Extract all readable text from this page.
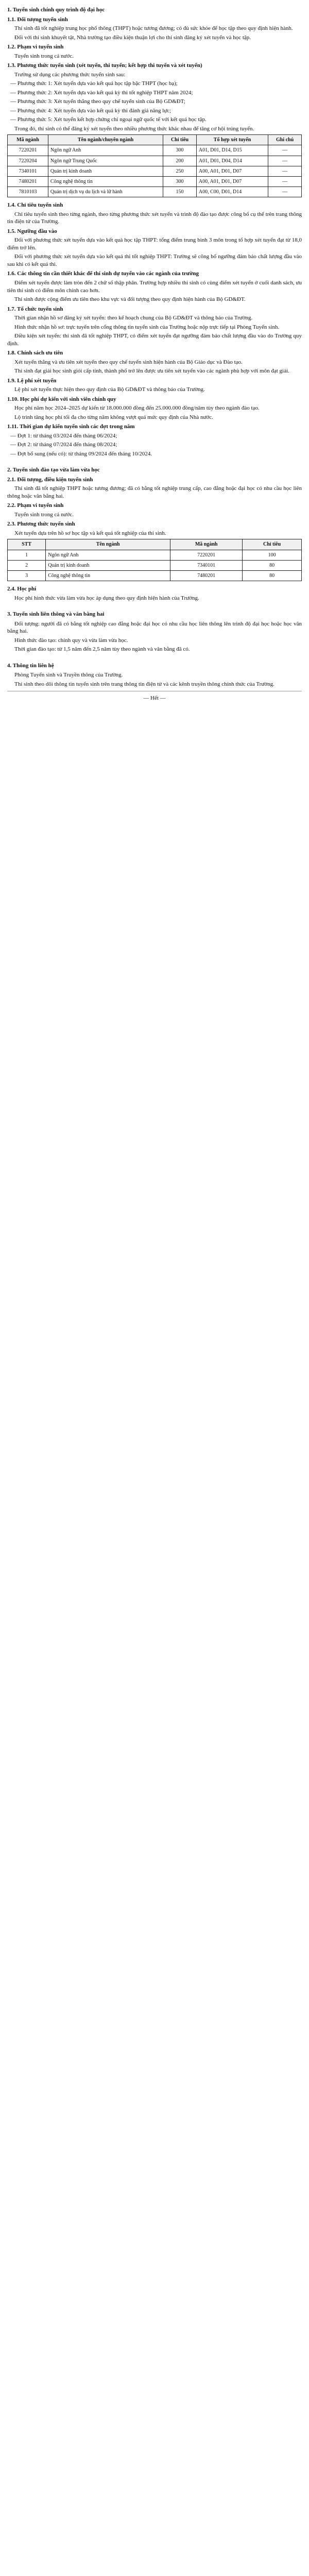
1. Tuyển sinh chính quy trình độ đại học
1.1. Đối tượng tuyển sinh

Thí sinh đã tốt nghiệp trung học phổ thông (THPT) hoặc tương đương; có đủ sức khỏe để học tập theo quy định hiện hành.

Đối với thí sinh khuyết tật, Nhà trường tạo điều kiện thuận lợi cho thí sinh đăng ký xét tuyển và học tập.

1.2. Phạm vi tuyển sinh

Tuyển sinh trong cả nước.

1.3. Phương thức tuyển sinh (xét tuyển, thi tuyển; kết hợp thi tuyển và xét tuyển)

Trường sử dụng các phương thức tuyển sinh sau:

— Phương thức 1: Xét tuyển dựa vào kết quả học tập bậc THPT (học bạ);
— Phương thức 2: Xét tuyển dựa vào kết quả kỳ thi tốt nghiệp THPT năm 2024;
— Phương thức 3: Xét tuyển thẳng theo quy chế tuyển sinh của Bộ GD&ĐT;
— Phương thức 4: Xét tuyển dựa vào kết quả kỳ thi đánh giá năng lực;
— Phương thức 5: Xét tuyển kết hợp chứng chỉ ngoại ngữ quốc tế với kết quả học tập.

Trong đó, thí sinh có thể đăng ký xét tuyển theo nhiều phương thức khác nhau để tăng cơ hội trúng tuyển.

Mã ngành	Tên ngành/chuyên ngành	Chỉ tiêu	Tổ hợp xét tuyển	Ghi chú
7220201	Ngôn ngữ Anh	300	A01, D01, D14, D15	—
7220204	Ngôn ngữ Trung Quốc	200	A01, D01, D04, D14	—
7340101	Quản trị kinh doanh	250	A00, A01, D01, D07	—
7480201	Công nghệ thông tin	300	A00, A01, D01, D07	—
7810103	Quản trị dịch vụ du lịch và lữ hành	150	A00, C00, D01, D14	—
1.4. Chỉ tiêu tuyển sinh

Chỉ tiêu tuyển sinh theo từng ngành, theo từng phương thức xét tuyển và trình độ đào tạo được công bố cụ thể trên trang thông tin điện tử của Trường.

1.5. Ngưỡng đầu vào

Đối với phương thức xét tuyển dựa vào kết quả học tập THPT: tổng điểm trung bình 3 môn trong tổ hợp xét tuyển đạt từ 18,0 điểm trở lên.

Đối với phương thức xét tuyển dựa vào kết quả thi tốt nghiệp THPT: Trường sẽ công bố ngưỡng đảm bảo chất lượng đầu vào sau khi có kết quả thi.

1.6. Các thông tin cần thiết khác để thí sinh dự tuyển vào các ngành của trường

Điểm xét tuyển được làm tròn đến 2 chữ số thập phân. Trường hợp nhiều thí sinh có cùng điểm xét tuyển ở cuối danh sách, ưu tiên thí sinh có điểm môn chính cao hơn.

Thí sinh được cộng điểm ưu tiên theo khu vực và đối tượng theo quy định hiện hành của Bộ GD&ĐT.

1.7. Tổ chức tuyển sinh

Thời gian nhận hồ sơ đăng ký xét tuyển: theo kế hoạch chung của Bộ GD&ĐT và thông báo của Trường.

Hình thức nhận hồ sơ: trực tuyến trên cổng thông tin tuyển sinh của Trường hoặc nộp trực tiếp tại Phòng Tuyển sinh.

Điều kiện xét tuyển: thí sinh đã tốt nghiệp THPT, có điểm xét tuyển đạt ngưỡng đảm bảo chất lượng đầu vào do Trường quy định.

1.8. Chính sách ưu tiên

Xét tuyển thẳng và ưu tiên xét tuyển theo quy chế tuyển sinh hiện hành của Bộ Giáo dục và Đào tạo.

Thí sinh đạt giải học sinh giỏi cấp tỉnh, thành phố trở lên được ưu tiên xét tuyển vào các ngành phù hợp với môn đạt giải.

1.9. Lệ phí xét tuyển

Lệ phí xét tuyển thực hiện theo quy định của Bộ GD&ĐT và thông báo của Trường.

1.10. Học phí dự kiến với sinh viên chính quy

Học phí năm học 2024–2025 dự kiến từ 18.000.000 đồng đến 25.000.000 đồng/năm tùy theo ngành đào tạo.

Lộ trình tăng học phí tối đa cho từng năm không vượt quá mức quy định của Nhà nước.

1.11. Thời gian dự kiến tuyển sinh các đợt trong năm
— Đợt 1: từ tháng 03/2024 đến tháng 06/2024;
— Đợt 2: từ tháng 07/2024 đến tháng 08/2024;
— Đợt bổ sung (nếu có): từ tháng 09/2024 đến tháng 10/2024.
2. Tuyển sinh đào tạo vừa làm vừa học
2.1. Đối tượng, điều kiện tuyển sinh

Thí sinh đã tốt nghiệp THPT hoặc tương đương; đã có bằng tốt nghiệp trung cấp, cao đẳng hoặc đại học có nhu cầu học liên thông hoặc văn bằng hai.

2.2. Phạm vi tuyển sinh

Tuyển sinh trong cả nước.

2.3. Phương thức tuyển sinh

Xét tuyển dựa trên hồ sơ học tập và kết quả tốt nghiệp của thí sinh.

STT	Tên ngành	Mã ngành	Chỉ tiêu
1	Ngôn ngữ Anh	7220201	100
2	Quản trị kinh doanh	7340101	80
3	Công nghệ thông tin	7480201	80
2.4. Học phí

Học phí hình thức vừa làm vừa học áp dụng theo quy định hiện hành của Trường.

3. Tuyển sinh liên thông và văn bằng hai

Đối tượng: người đã có bằng tốt nghiệp cao đẳng hoặc đại học có nhu cầu học liên thông lên trình độ đại học hoặc học văn bằng hai.

Hình thức đào tạo: chính quy và vừa làm vừa học.

Thời gian đào tạo: từ 1,5 năm đến 2,5 năm tùy theo ngành và văn bằng đã có.

4. Thông tin liên hệ

Phòng Tuyển sinh và Truyền thông của Trường.

Thí sinh theo dõi thông tin tuyển sinh trên trang thông tin điện tử và các kênh truyền thông chính thức của Trường.

— Hết —
